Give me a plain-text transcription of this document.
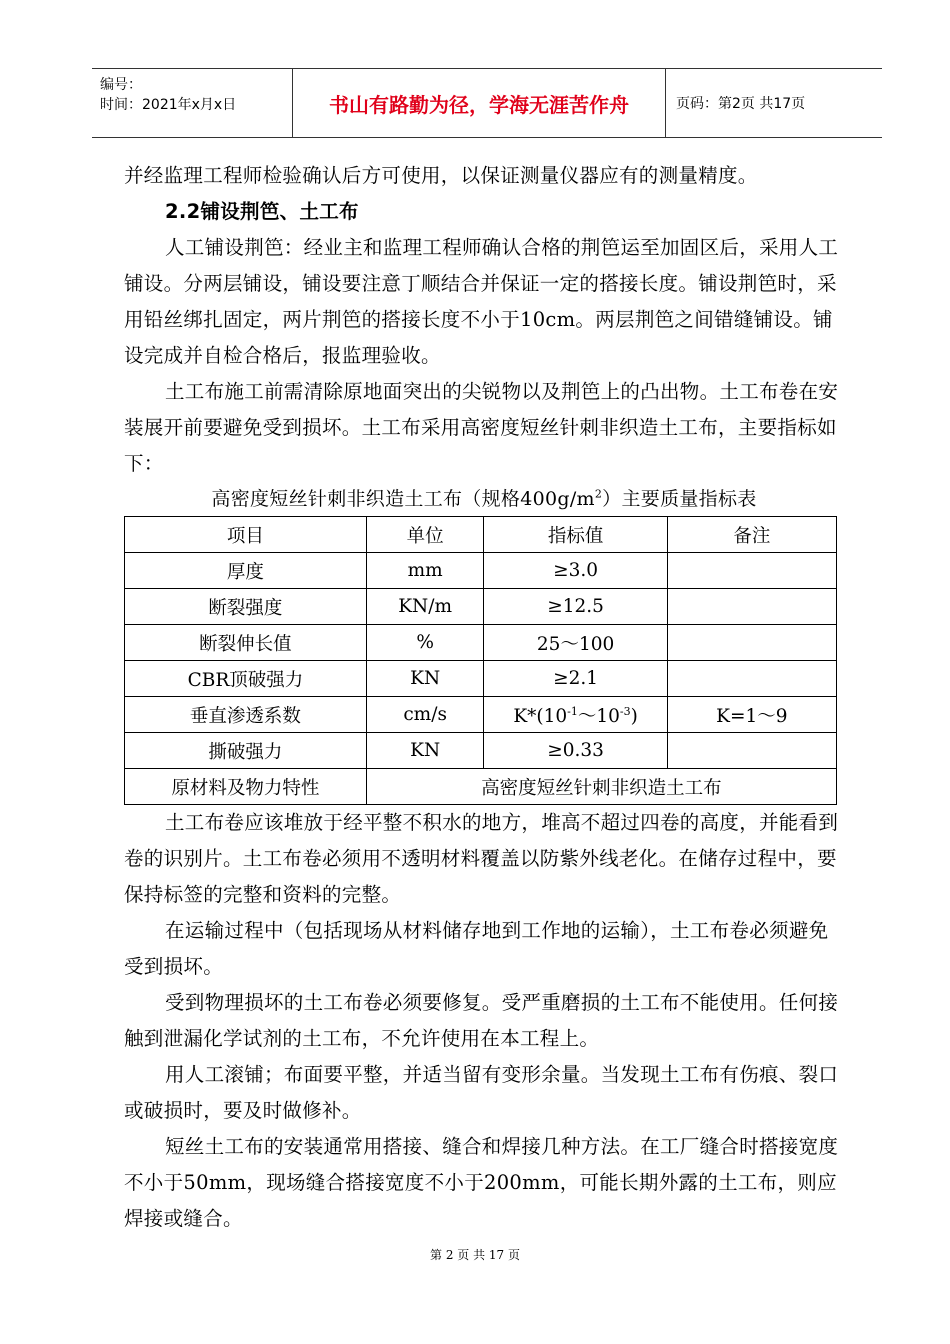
编号：
时间：2021年x月x日	书山有路勤为径，学海无涯苦作舟	页码：第2页 共17页

并经监理工程师检验确认后方可使用，以保证测量仪器应有的测量精度。

2.2铺设荆笆、土工布

人工铺设荆笆：经业主和监理工程师确认合格的荆笆运至加固区后，采用人工铺设。分两层铺设，铺设要注意丁顺结合并保证一定的搭接长度。铺设荆笆时，采用铅丝绑扎固定，两片荆笆的搭接长度不小于10cm。两层荆笆之间错缝铺设。铺设完成并自检合格后，报监理验收。

土工布施工前需清除原地面突出的尖锐物以及荆笆上的凸出物。土工布卷在安装展开前要避免受到损坏。土工布采用高密度短丝针刺非织造土工布，主要指标如下：

高密度短丝针刺非织造土工布（规格$400g/m^2$）主要质量指标表

项目	单位	指标值	备注
厚度	mm	≥3.0	
断裂强度	KN/m	≥12.5	
断裂伸长值	%	25～100	
CBR顶破强力	KN	≥2.1	
垂直渗透系数	cm/s	$K*(10^{-1}\sim 10^{-3})$	K=1～9
撕破强力	KN	≥0.33	
原材料及物力特性	高密度短丝针刺非织造土工布		

土工布卷应该堆放于经平整不积水的地方，堆高不超过四卷的高度，并能看到卷的识别片。土工布卷必须用不透明材料覆盖以防紫外线老化。在储存过程中，要保持标签的完整和资料的完整。

在运输过程中（包括现场从材料储存地到工作地的运输），土工布卷必须避免受到损坏。

受到物理损坏的土工布卷必须要修复。受严重磨损的土工布不能使用。任何接触到泄漏化学试剂的土工布，不允许使用在本工程上。

用人工滚铺；布面要平整，并适当留有变形余量。当发现土工布有伤痕、裂口或破损时，要及时做修补。

短丝土工布的安装通常用搭接、缝合和焊接几种方法。在工厂缝合时搭接宽度不小于50mm，现场缝合搭接宽度不小于200mm，可能长期外露的土工布，则应焊接或缝合。

第 2 页 共 17 页
